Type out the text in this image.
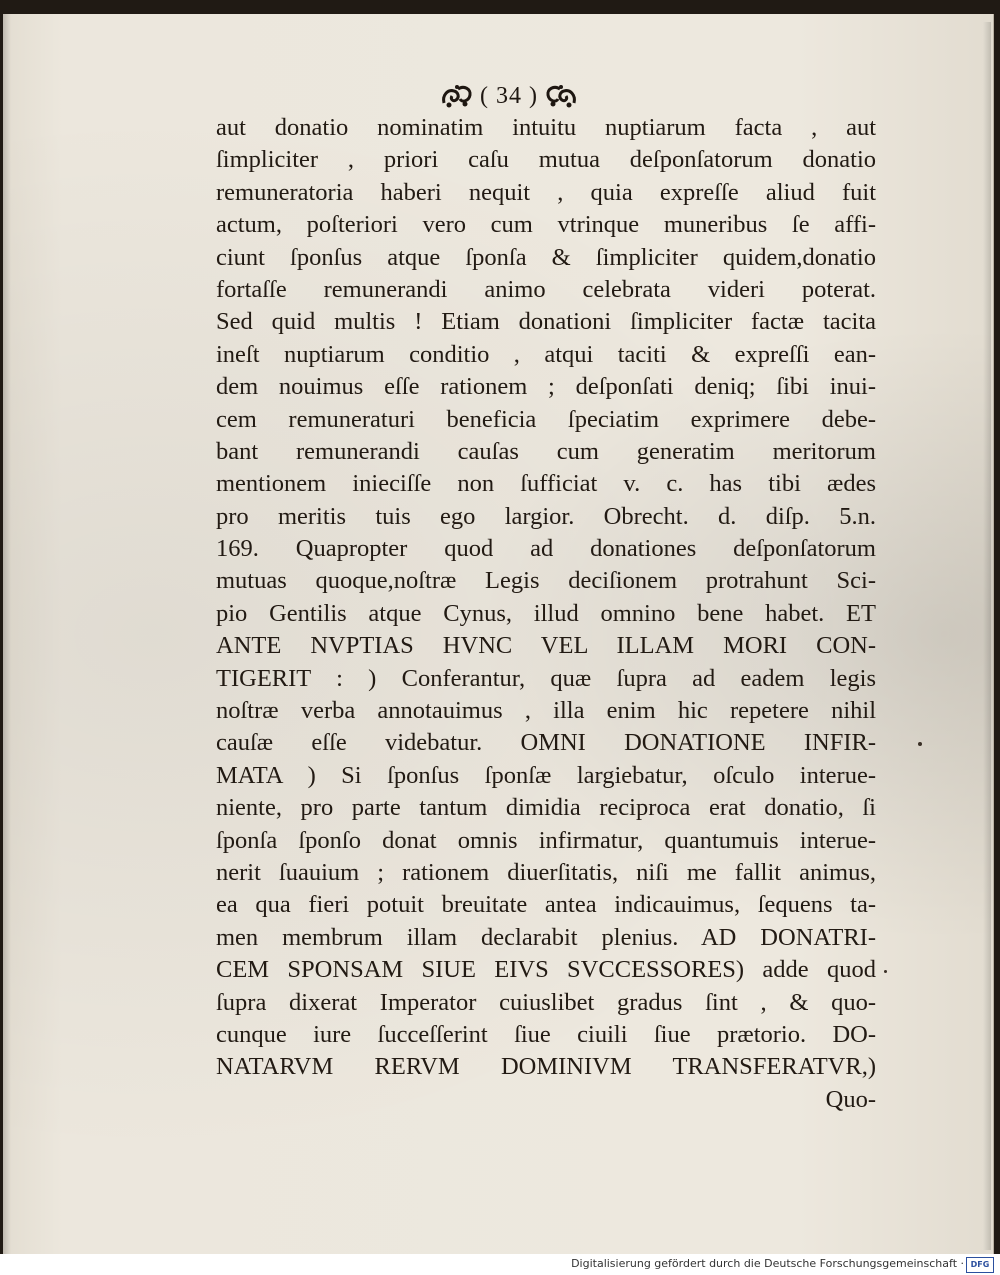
( 34 )
aut donatio nominatim intuitu nuptiarum facta , aut
ſimpliciter , priori caſu mutua deſponſatorum donatio
remuneratoria haberi nequit , quia expreſſe aliud fuit
actum, poſteriori vero cum vtrinque muneribus ſe affi-
ciunt ſponſus atque ſponſa & ſimpliciter quidem,donatio
fortaſſe remunerandi animo celebrata videri poterat.
Sed quid multis ! Etiam donationi ſimpliciter factæ tacita
ineſt nuptiarum conditio , atqui taciti & expreſſi ean-
dem nouimus eſſe rationem ; deſponſati deniq; ſibi inui-
cem remuneraturi beneficia ſpeciatim exprimere debe-
bant remunerandi cauſas cum generatim meritorum
mentionem inieciſſe non ſufficiat v. c. has tibi ædes
pro meritis tuis ego largior. Obrecht. d. diſp. 5.n.
169. Quapropter quod ad donationes deſponſatorum
mutuas quoque,noſtræ Legis deciſionem protrahunt Sci-
pio Gentilis atque Cynus, illud omnino bene habet. ET
ANTE NVPTIAS HVNC VEL ILLAM MORI CON-
TIGERIT : ) Conferantur, quæ ſupra ad eadem legis
noſtræ verba annotauimus , illa enim hic repetere nihil
cauſæ eſſe videbatur. OMNI DONATIONE INFIR-
MATA ) Si ſponſus ſponſæ largiebatur, oſculo interue-
niente, pro parte tantum dimidia reciproca erat donatio, ſi
ſponſa ſponſo donat omnis infirmatur, quantumuis interue-
nerit ſuauium ; rationem diuerſitatis, niſi me fallit animus,
ea qua fieri potuit breuitate antea indicauimus, ſequens ta-
men membrum illam declarabit plenius. AD DONATRI-
CEM SPONSAM SIUE EIVS SVCCESSORES) adde quod
ſupra dixerat Imperator cuiuslibet gradus ſint , & quo-
cunque iure ſucceſſerint ſiue ciuili ſiue prætorio. DO-
NATARVM RERVM DOMINIVM TRANSFERATVR,)
Quo-
Digitalisierung gefördert durch die Deutsche Forschungsgemeinschaft · DFG
